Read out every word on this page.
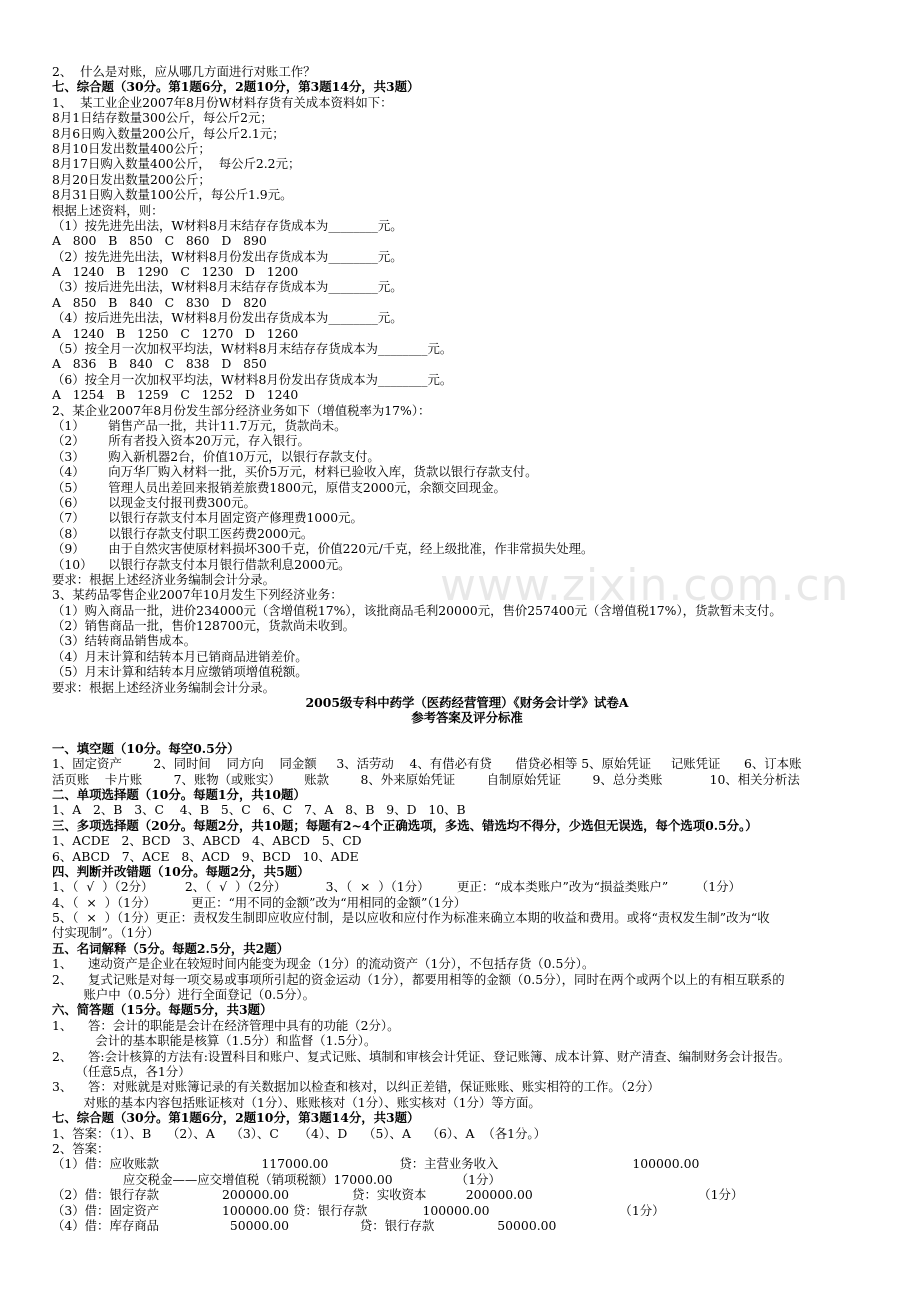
2、  什么是对账，应从哪几方面进行对账工作？
七、综合题（30分。第1题6分，2题10分，第3题14分，共3题）
1、  某工业企业2007年8月份W材料存货有关成本资料如下：
8月1日结存数量300公斤，每公斤2元；
8月6日购入数量200公斤，每公斤2.1元；
8月10日发出数量400公斤；
8月17日购入数量400公斤，  每公斤2.2元；
8月20日发出数量200公斤；
8月31日购入数量100公斤，每公斤1.9元。
根据上述资料，则：
（1）按先进先出法，W材料8月末结存存货成本为________元。
A   800   B   850   C   860   D   890
（2）按先进先出法，W材料8月份发出存货成本为________元。
A   1240   B   1290   C   1230   D   1200
（3）按后进先出法，W材料8月末结存存货成本为________元。
A   850   B   840   C   830   D   820
（4）按后进先出法，W材料8月份发出存货成本为________元。
A   1240   B   1250   C   1270   D   1260
（5）按全月一次加权平均法，W材料8月末结存存货成本为________元。
A   836   B   840   C   838   D   850
（6）按全月一次加权平均法，W材料8月份发出存货成本为________元。
A   1254   B   1259   C   1252   D   1240
2、某企业2007年8月份发生部分经济业务如下（增值税率为17%）：
（1）      销售产品一批，共计11.7万元，货款尚未。
（2）      所有者投入资本20万元，存入银行。
（3）      购入新机器2台，价值10万元，以银行存款支付。
（4）      向万华厂购入材料一批，买价5万元，材料已验收入库，货款以银行存款支付。
（5）      管理人员出差回来报销差旅费1800元，原借支2000元，余额交回现金。
（6）      以现金支付报刊费300元。
（7）      以银行存款支付本月固定资产修理费1000元。
（8）      以银行存款支付职工医药费2000元。
（9）      由于自然灾害使原材料损坏300千克，价值220元/千克，经上级批准，作非常损失处理。
（10）    以银行存款支付本月银行借款利息2000元。
要求：根据上述经济业务编制会计分录。
3、某药品零售企业2007年10月发生下列经济业务：
（1）购入商品一批，进价234000元（含增值税17%），该批商品毛利20000元，售价257400元（含增值税17%），货款暂未支付。
（2）销售商品一批，售价128700元，货款尚未收到。
（3）结转商品销售成本。
（4）月末计算和结转本月已销商品进销差价。
（5）月末计算和结转本月应缴销项增值税额。
要求：根据上述经济业务编制会计分录。
2005级专科中药学（医药经营管理）《财务会计学》试卷A
参考答案及评分标准
一、填空题（10分。每空0.5分）
1、固定资产        2、同时间    同方向    同金额     3、活劳动    4、有借必有贷      借贷必相等 5、原始凭证     记账凭证      6、订本账
活页账    卡片账        7、账物（或账实）      账款        8、外来原始凭证        自制原始凭证        9、总分类账            10、相关分析法
二、单项选择题（10分。每题1分，共10题）
1、A   2、B   3、C    4、B   5、C   6、C   7、A   8、B   9、D   10、B
三、多项选择题（20分。每题2分，共10题；每题有2~4个正确选项，多选、错选均不得分，少选但无误选，每个选项0.5分。）
1、ACDE   2、BCD   3、ABCD   4、ABCD   5、CD
6、ABCD   7、ACE   8、ACD   9、BCD   10、ADE
四、判断并改错题（10分。每题2分，共5题）
1、（  √  ）（2分）        2、（  √  ）（2分）          3、（  ×  ）（1分）       更正：“成本类账户”改为“损益类账户”       （1分）
4、（  ×  ）（1分）         更正：“用不同的金额”改为“用相同的金额”（1分）
5、（  ×  ）（1分）更正：责权发生制即应收应付制，是以应收和应付作为标准来确立本期的收益和费用。或将“责权发生制”改为“收
付实现制”。（1分）
五、名词解释（5分。每题2.5分，共2题）
1、    速动资产是企业在较短时间内能变为现金（1分）的流动资产（1分），不包括存货（0.5分）。
2、    复式记账是对每一项交易或事项所引起的资金运动（1分），都要用相等的金额（0.5分），同时在两个或两个以上的有相互联系的
账户中（0.5分）进行全面登记（0.5分）。
六、简答题（15分。每题5分，共3题）
1、    答：会计的职能是会计在经济管理中具有的功能（2分）。
会计的基本职能是核算（1.5分）和监督（1.5分）。
2、    答:会计核算的方法有:设置科目和账户、复式记账、填制和审核会计凭证、登记账簿、成本计算、财产清查、编制财务会计报告。
（任意5点，各1分）
3、    答：对账就是对账簿记录的有关数据加以检查和核对，以纠正差错，保证账账、账实相符的工作。（2分）
对账的基本内容包括账证核对（1分）、账账核对（1分）、账实核对（1分）等方面。
七、综合题（30分。第1题6分，2题10分，第3题14分，共3题）
1、答案：（1）、B    （2）、A    （3）、C     （4）、D    （5）、A    （6）、A  （各1分。）
2、答案：
（1）借：应收账款                          117000.00                  贷：主营业务收入                                  100000.00
应交税金——应交增值税（销项税额）17000.00                （1分）
（2）借：银行存款                200000.00                贷：实收资本          200000.00                                          （1分）
（3）借：固定资产                100000.00 贷：银行存款              100000.00                                 （1分）
（4）借：库存商品                  50000.00                  贷：银行存款                50000.00
www.zixin.com.cn
